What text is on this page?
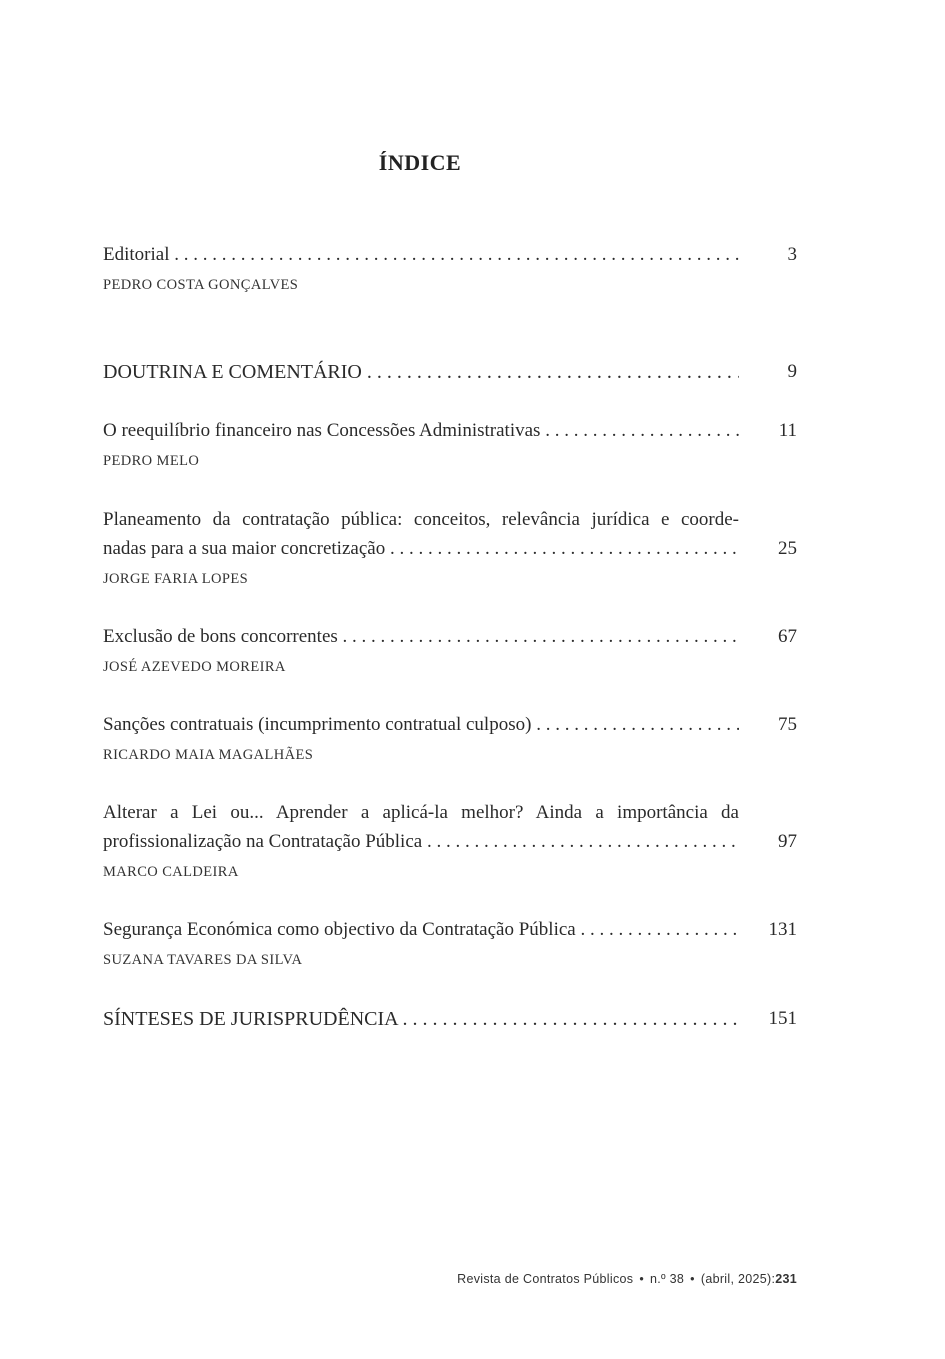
ÍNDICE
Editorial . . .	3
PEDRO COSTA GONÇALVES
DOUTRINA E COMENTÁRIO . . .	9
O reequilíbrio financeiro nas Concessões Administrativas . . .	11
PEDRO MELO
Planeamento da contratação pública: conceitos, relevância jurídica e coorde-
nadas para a sua maior concretização . . .	25
JORGE FARIA LOPES
Exclusão de bons concorrentes . . .	67
JOSÉ AZEVEDO MOREIRA
Sanções contratuais (incumprimento contratual culposo) . . .	75
RICARDO MAIA MAGALHÃES
Alterar a Lei ou... Aprender a aplicá-la melhor? Ainda a importância da
profissionalização na Contratação Pública . . .	97
MARCO CALDEIRA
Segurança Económica como objectivo da Contratação Pública . . .	131
SUZANA TAVARES DA SILVA
SÍNTESES DE JURISPRUDÊNCIA . . .	151
Revista de Contratos Públicos • n.º 38 • (abril, 2025):231
